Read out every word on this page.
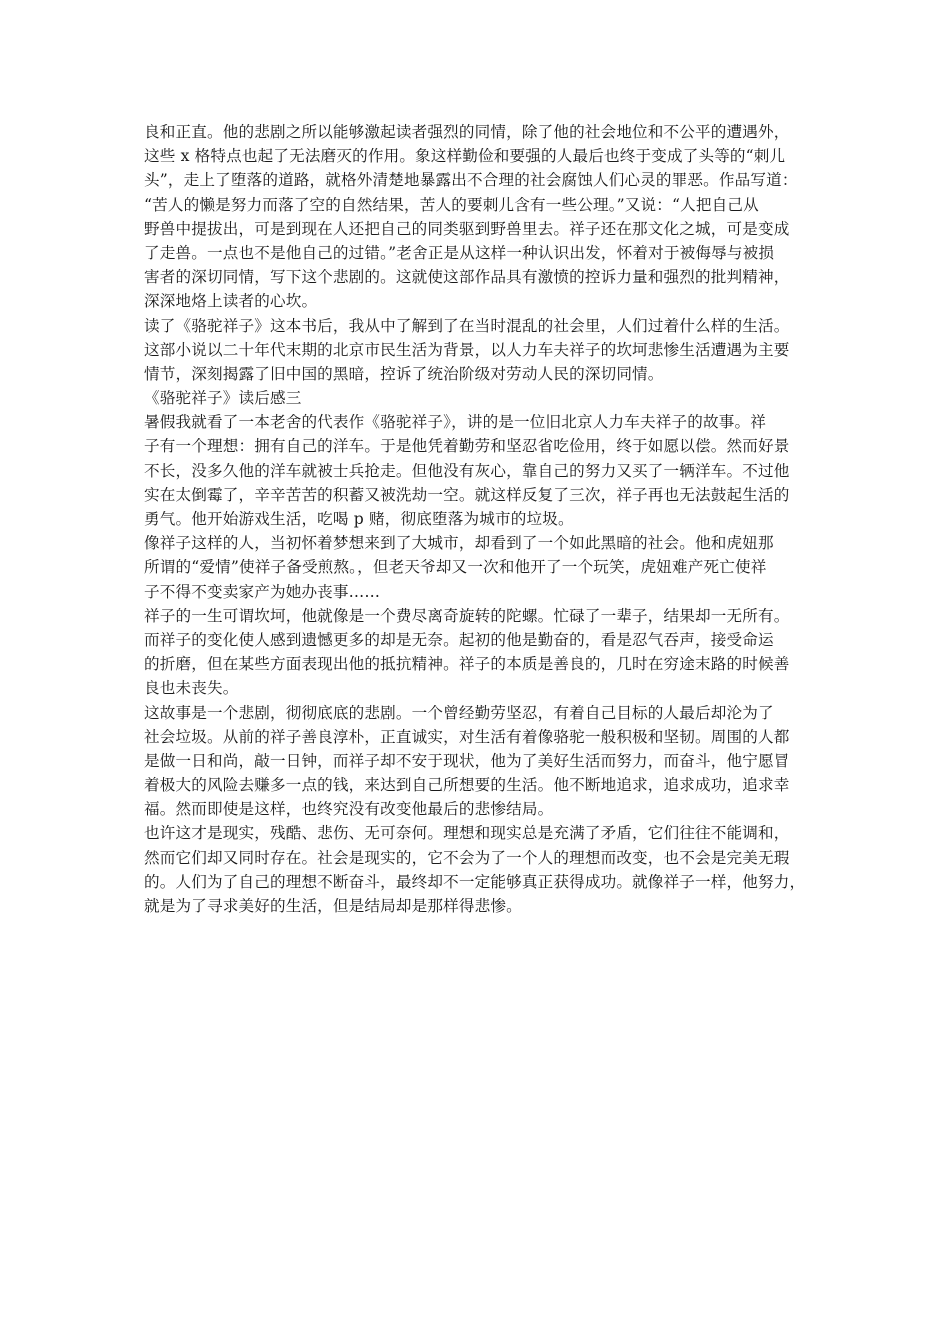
良和正直。他的悲剧之所以能够激起读者强烈的同情，除了他的社会地位和不公平的遭遇外，
这些 x 格特点也起了无法磨灭的作用。象这样勤俭和要强的人最后也终于变成了头等的“刺儿
头”，走上了堕落的道路，就格外清楚地暴露出不合理的社会腐蚀人们心灵的罪恶。作品写道：
“苦人的懒是努力而落了空的自然结果，苦人的要刺儿含有一些公理。”又说：“人把自己从
野兽中提拔出，可是到现在人还把自己的同类驱到野兽里去。祥子还在那文化之城，可是变成
了走兽。一点也不是他自己的过错。”老舍正是从这样一种认识出发，怀着对于被侮辱与被损
害者的深切同情，写下这个悲剧的。这就使这部作品具有激愤的控诉力量和强烈的批判精神，
深深地烙上读者的心坎。
读了《骆驼祥子》这本书后，我从中了解到了在当时混乱的社会里，人们过着什么样的生活。
这部小说以二十年代末期的北京市民生活为背景，以人力车夫祥子的坎坷悲惨生活遭遇为主要
情节，深刻揭露了旧中国的黑暗，控诉了统治阶级对劳动人民的深切同情。
《骆驼祥子》读后感三
暑假我就看了一本老舍的代表作《骆驼祥子》，讲的是一位旧北京人力车夫祥子的故事。祥
子有一个理想：拥有自己的洋车。于是他凭着勤劳和坚忍省吃俭用，终于如愿以偿。然而好景
不长，没多久他的洋车就被士兵抢走。但他没有灰心，靠自己的努力又买了一辆洋车。不过他
实在太倒霉了，辛辛苦苦的积蓄又被洗劫一空。就这样反复了三次，祥子再也无法鼓起生活的
勇气。他开始游戏生活，吃喝 p 赌，彻底堕落为城市的垃圾。
像祥子这样的人，当初怀着梦想来到了大城市，却看到了一个如此黑暗的社会。他和虎妞那
所谓的“爱情”使祥子备受煎熬。，但老天爷却又一次和他开了一个玩笑，虎妞难产死亡使祥
子不得不变卖家产为她办丧事……
祥子的一生可谓坎坷，他就像是一个费尽离奇旋转的陀螺。忙碌了一辈子，结果却一无所有。
而祥子的变化使人感到遗憾更多的却是无奈。起初的他是勤奋的，看是忍气吞声，接受命运
的折磨，但在某些方面表现出他的抵抗精神。祥子的本质是善良的，几时在穷途末路的时候善
良也未丧失。
这故事是一个悲剧，彻彻底底的悲剧。一个曾经勤劳坚忍，有着自己目标的人最后却沦为了
社会垃圾。从前的祥子善良淳朴，正直诚实，对生活有着像骆驼一般积极和坚韧。周围的人都
是做一日和尚，敲一日钟，而祥子却不安于现状，他为了美好生活而努力，而奋斗，他宁愿冒
着极大的风险去赚多一点的钱，来达到自己所想要的生活。他不断地追求，追求成功，追求幸
福。然而即使是这样，也终究没有改变他最后的悲惨结局。
也许这才是现实，残酷、悲伤、无可奈何。理想和现实总是充满了矛盾，它们往往不能调和，
然而它们却又同时存在。社会是现实的，它不会为了一个人的理想而改变，也不会是完美无瑕
的。人们为了自己的理想不断奋斗，最终却不一定能够真正获得成功。就像祥子一样，他努力，
就是为了寻求美好的生活，但是结局却是那样得悲惨。
